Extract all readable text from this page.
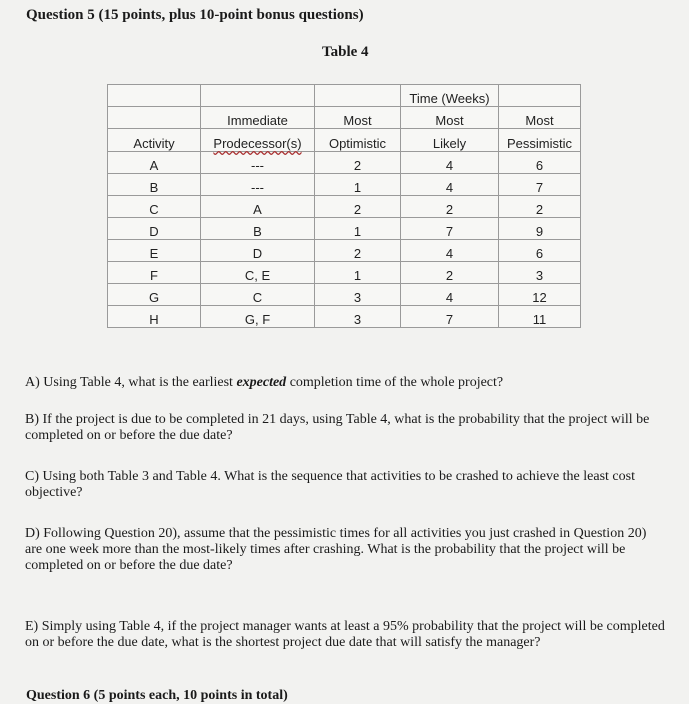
Question 5 (15 points, plus 10-point bonus questions)
Table 4
			Time (Weeks)	
	Immediate	Most	Most	Most
Activity	Prodecessor(s)	Optimistic	Likely	Pessimistic
A	---	2	4	6
B	---	1	4	7
C	A	2	2	2
D	B	1	7	9
E	D	2	4	6
F	C, E	1	2	3
G	C	3	4	12
H	G, F	3	7	11

A) Using Table 4, what is the earliest expected completion time of the whole project?

B) If the project is due to be completed in 21 days, using Table 4, what is the probability that the project will be completed on or before the due date?

C) Using both Table 3 and Table 4. What is the sequence that activities to be crashed to achieve the least cost objective?

D) Following Question 20), assume that the pessimistic times for all activities you just crashed in Question 20) are one week more than the most-likely times after crashing. What is the probability that the project will be completed on or before the due date?

E) Simply using Table 4, if the project manager wants at least a 95% probability that the project will be completed on or before the due date, what is the shortest project due date that will satisfy the manager?

Question 6 (5 points each, 10 points in total)
